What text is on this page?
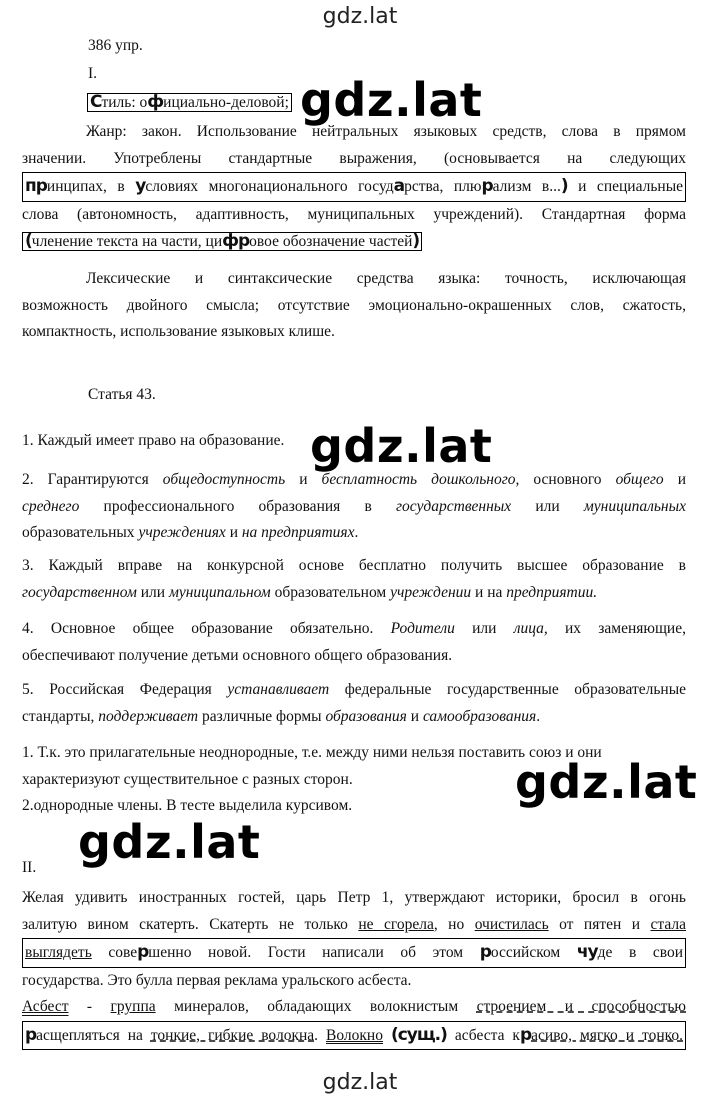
gdz.lat
gdz.lat
gdz.lat
gdz.lat
gdz.lat
gdz.lat
386 упр.
I.
Стиль: официально-деловой;

Жанр: закон. Использование нейтральных языковых средств, слова в прямом

значении. Употреблены стандартные выражения, (основывается на следующих

принципах, в условиях многонационального государства, плюрализм в...) и специальные

слова (автономность, адаптивность, муниципальных учреждений). Стандартная форма

(членение текста на части, цифровое обозначение частей)

Лексические и синтаксические средства языка: точность, исключающая

возможность двойного смысла; отсутствие эмоционально-окрашенных слов, сжатость,

компактность, использование языковых клише.

Статья 43.

1. Каждый имеет право на образование.

2. Гарантируются общедоступность и бесплатность дошкольного, основного общего и

среднего профессионального образования в государственных или муниципальных

образовательных учреждениях и на предприятиях.

3. Каждый вправе на конкурсной основе бесплатно получить высшее образование в

государственном или муниципальном образовательном учреждении и на предприятии.

4. Основное общее образование обязательно. Родители или лица, их заменяющие,

обеспечивают получение детьми основного общего образования.

5. Российская Федерация устанавливает федеральные государственные образовательные

стандарты, поддерживает различные формы образования и самообразования.

1. Т.к. это прилагательные неоднородные, т.е. между ними нельзя поставить союз и они

характеризуют существительное с разных сторон.

2.однородные члены. В тесте выделила курсивом.

II.

Желая удивить иностранных гостей, царь Петр 1, утверждают историки, бросил в огонь

залитую вином скатерть. Скатерть не только не сгорела, но очистилась от пятен и стала

выглядеть совершенно новой. Гости написали об этом российском чуде в свои

государства. Это булла первая реклама уральского асбеста.

Асбест - группа минералов, обладающих волокнистым строением и способностью

расщепляться на тонкие, гибкие волокна. Волокно (сущ.) асбеста красиво, мягко и тонко.
